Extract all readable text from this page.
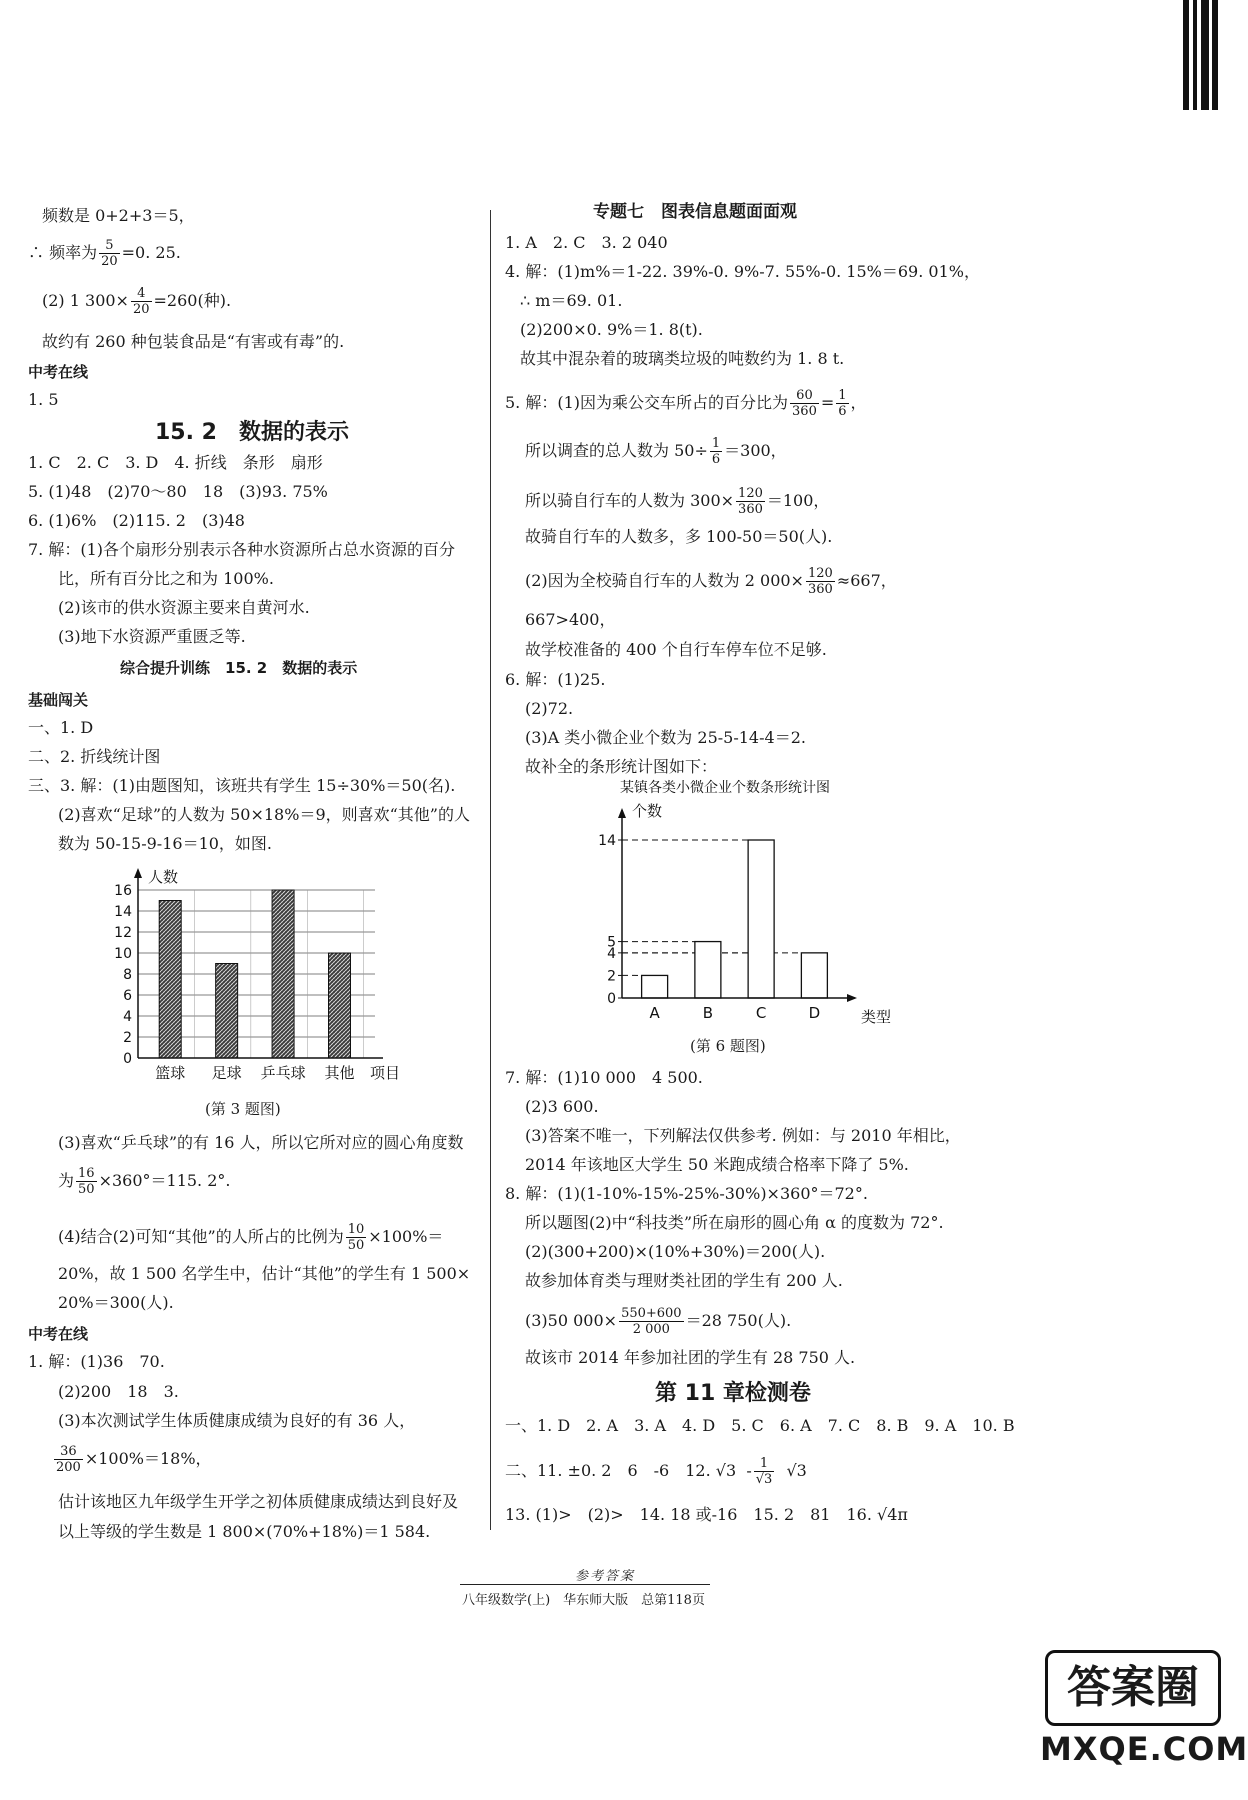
频数是 0+2+3＝5，
∴ 频率为 $\frac{5}{20} =0$. 25.
(2) 1 $300\times \frac{4}{20} =260$(种).
故约有 260 种包装食品是“有害或有毒”的.
中考在线
1. 5
15. 2　数据的表示
1. C　2. C　3. D　4. 折线　条形　扇形
5. (1)48　(2)70～80　18　(3)93. 75%
6. (1)6%　(2)115. 2　(3)48
7. 解：(1)各个扇形分别表示各种水资源所占总水资源的百分
比，所有百分比之和为 100%.
(2)该市的供水资源主要来自黄河水.
(3)地下水资源严重匮乏等.
综合提升训练　15. 2　数据的表示
基础闯关
一、1. D
二、2. 折线统计图
三、3. 解：(1)由题图知，该班共有学生 15÷30%＝50(名).
(2)喜欢“足球”的人数为 50×18%＝9，则喜欢“其他”的人
数为 50-15-9-16＝10，如图.
0
2
4
6
8
10
12
14
16
人数
篮球 足球 乒乓球 其他 项目
(第 3 题图)
(3)喜欢“乒乓球”的有 16 人，所以它所对应的圆心角度数
为 $\frac{16}{50} \times 360^\circ=115$. 2°.
(4)结合(2)可知“其他”的人所占的比例为 $\frac{10}{50} \times 100\%=$
20%，故 1 500 名学生中，估计“其他”的学生有 1 500×
20%＝300(人).
中考在线
1. 解：(1)36　70.
(2)200　18　3.
(3)本次测试学生体质健康成绩为良好的有 36 人，
$\frac{36}{200} \times 100\%=18\%$，
估计该地区九年级学生开学之初体质健康成绩达到良好及
以上等级的学生数是 1 800×(70%+18%)＝1 584.
专题七　图表信息题面面观
1. A　2. C　3. 2 040
4. 解：(1)m%＝1-22. 39%-0. 9%-7. 55%-0. 15%＝69. 01%，
∴ m＝69. 01.
(2)200×0. 9%＝1. 8(t).
故其中混杂着的玻璃类垃圾的吨数约为 1. 8 t.
5. 解：(1)因为乘公交车所占的百分比为 $\frac{60}{360} = \frac{1}{6}$ ，
所以调查的总人数为 $50\div \frac{1}{6} =300$，
所以骑自行车的人数为 $300\times \frac{120}{360} =100$，
故骑自行车的人数多，多 100-50＝50(人).
(2)因为全校骑自行车的人数为 2 $000\times \frac{120}{360} \approx 667$，
667>400，
故学校准备的 400 个自行车停车位不足够.
6. 解：(1)25.
(2)72.
(3)A 类小微企业个数为 25-5-14-4＝2.
故补全的条形统计图如下：
某镇各类小微企业个数条形统计图
个数
类型
0
2
4
5
14
A	B	C	D
(第 6 题图)
7. 解：(1)10 000　4 500.
(2)3 600.
(3)答案不唯一，下列解法仅供参考. 例如：与 2010 年相比，
2014 年该地区大学生 50 米跑成绩合格率下降了 5%.
8. 解：(1)(1-10%-15%-25%-30%)×360°＝72°.
所以题图(2)中“科技类”所在扇形的圆心角 α 的度数为 72°.
(2)(300+200)×(10%+30%)＝200(人).
故参加体育类与理财类社团的学生有 200 人.
(3)50 $000\times \frac{550+600}{2 000} =28$ 750(人).
故该市 2014 年参加社团的学生有 28 750 人.
第 11 章检测卷
一、1. D　2. A　3. A　4. D　5. C　6. A　7. C　8. B　9. A　10. B
二、11. ±0. 2　6　-6　12. $√3 - \frac{1}{√3} √3$
13. (1)>　(2)>　14. 18 或-16　15. 2　81　16. √4π
参考答案
八年级数学(上)　华东师大版　总第118页
答案圈
MXQE.COM
